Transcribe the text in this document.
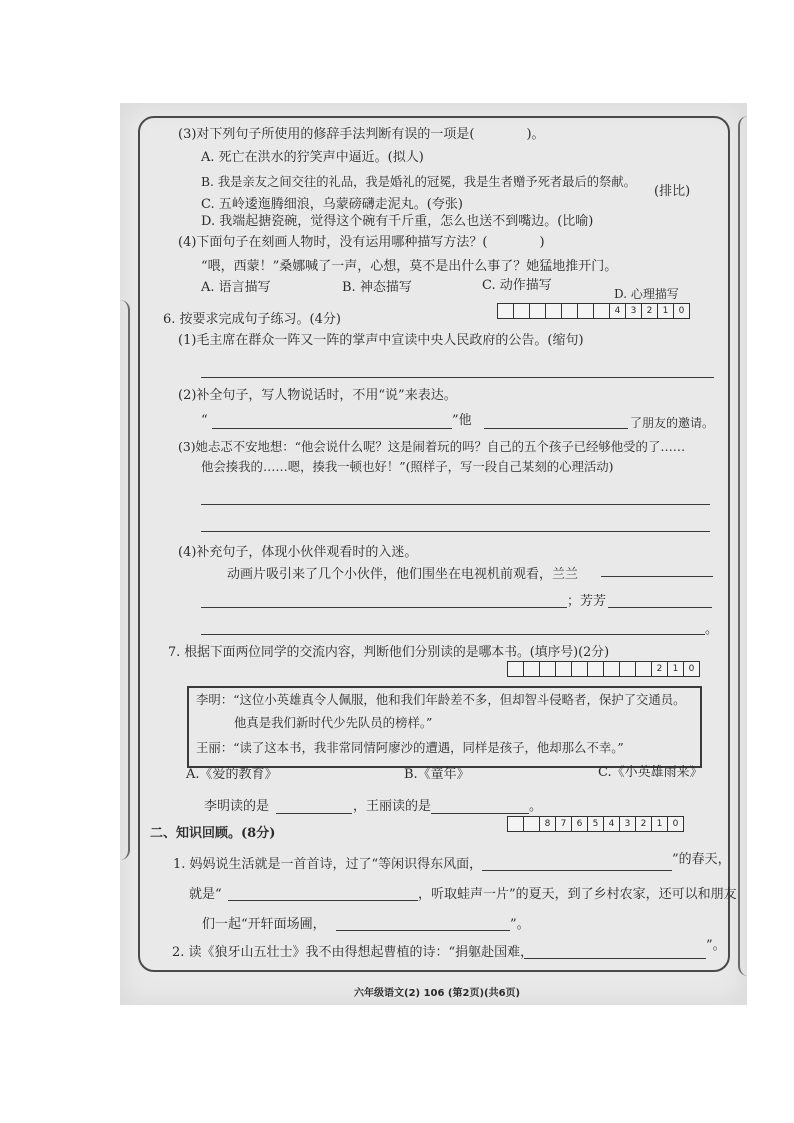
(3)对下列句子所使用的修辞手法判断有误的一项是(　　　　)。
A. 死亡在洪水的狞笑声中逼近。(拟人)
B. 我是亲友之间交往的礼品，我是婚礼的冠冕，我是生者赠予死者最后的祭献。
(排比)
C. 五岭逶迤腾细浪，乌蒙磅礴走泥丸。(夸张)
D. 我端起搪瓷碗，觉得这个碗有千斤重，怎么也送不到嘴边。(比喻)
(4)下面句子在刻画人物时，没有运用哪种描写方法？(　　　　)
“喂，西蒙！”桑娜喊了一声，心想，莫不是出什么事了？她猛地推开门。
A. 语言描写	B. 神态描写	C. 动作描写
D. 心理描写
6. 按要求完成句子练习。(4分)
4	3	2	1	0
(1)毛主席在群众一阵又一阵的掌声中宣读中央人民政府的公告。(缩句)
(2)补全句子，写人物说话时，不用“说”来表达。
“	”他	了朋友的邀请。
(3)她忐忑不安地想：“他会说什么呢？这是闹着玩的吗？自己的五个孩子已经够他受的了……
他会揍我的……嗯，揍我一顿也好！”(照样子，写一段自己某刻的心理活动)
(4)补充句子，体现小伙伴观看时的入迷。
动画片吸引来了几个小伙伴，他们围坐在电视机前观看，兰兰
；芳芳
。
7. 根据下面两位同学的交流内容，判断他们分别读的是哪本书。(填序号)(2分)
2	1	0
李明：“这位小英雄真令人佩服，他和我们年龄差不多，但却智斗侵略者，保护了交通员。
他真是我们新时代少先队员的榜样。”
王丽：“读了这本书，我非常同情阿廖沙的遭遇，同样是孩子，他却那么不幸。”
A.《爱的教育》	B.《童年》	C.《小英雄雨来》
李明读的是	，王丽读的是	。
二、知识回顾。(8分)
8	7	6	5	4	3	2	1	0
1. 妈妈说生活就是一首首诗，过了“等闲识得东风面，	”的春天，
就是“	，听取蛙声一片”的夏天，到了乡村农家，还可以和朋友
们一起“开轩面场圃，	”。
2. 读《狼牙山五壮士》我不由得想起曹植的诗：“捐躯赴国难，	”。
六年级语文(2) 106 (第2页)(共6页)
